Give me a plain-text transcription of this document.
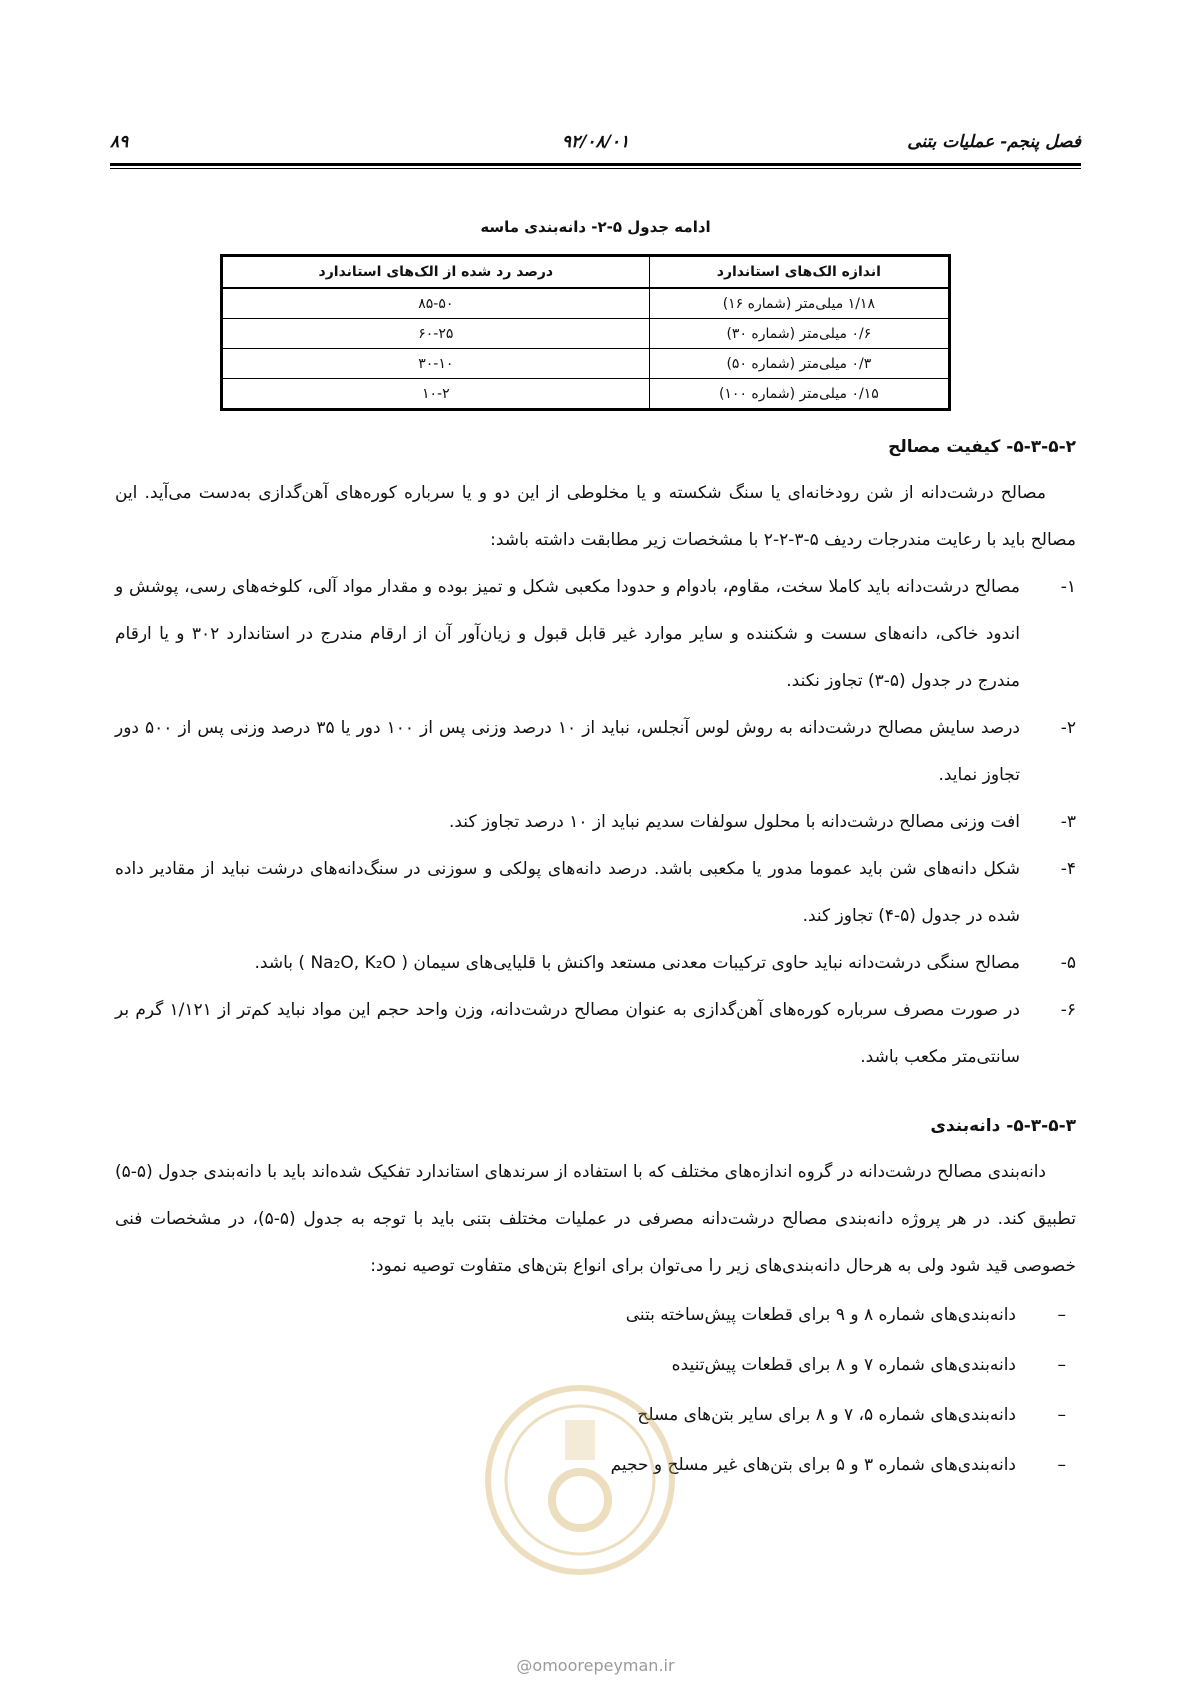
فصل پنجم- عملیات بتنی
۹۲/۰۸/۰۱
۸۹
ادامه جدول ۵-۲- دانه‌بندی ماسه
اندازه الک‌های استاندارد	درصد رد شده از الک‌های استاندارد
۱/۱۸ میلی‌متر (شماره ۱۶)	۸۵-۵۰
۰/۶ میلی‌متر (شماره ۳۰)	۶۰-۲۵
۰/۳ میلی‌متر (شماره ۵۰)	۳۰-۱۰
۰/۱۵ میلی‌متر (شماره ۱۰۰)	۱۰-۲
۵-۳-۵-۲- کیفیت مصالح

مصالح درشت‌دانه از شن رودخانه‌ای یا سنگ شکسته و یا مخلوطی از این دو و یا سرباره کوره‌های آهن‌گدازی به‌دست می‌آید. این مصالح باید با رعایت مندرجات ردیف ۵-۳-۲-۲ با مشخصات زیر مطابقت داشته باشد:

۱-
مصالح درشت‌دانه باید کاملا سخت، مقاوم، بادوام و حدودا مکعبی شکل و تمیز بوده و مقدار مواد آلی، کلوخه‌های رسی، پوشش و اندود خاکی، دانه‌های سست و شکننده و سایر موارد غیر قابل قبول و زیان‌آور آن از ارقام مندرج در استاندارد ۳۰۲ و یا ارقام مندرج در جدول (۵-۳) تجاوز نکند.
۲-
درصد سایش مصالح درشت‌دانه به روش لوس آنجلس، نباید از ۱۰ درصد وزنی پس از ۱۰۰ دور یا ۳۵ درصد وزنی پس از ۵۰۰ دور تجاوز نماید.
۳-
افت وزنی مصالح درشت‌دانه با محلول سولفات سدیم نباید از ۱۰ درصد تجاوز کند.
۴-
شکل دانه‌های شن باید عموما مدور یا مکعبی باشد. درصد دانه‌های پولکی و سوزنی در سنگ‌دانه‌های درشت نباید از مقادیر داده شده در جدول (۵-۴) تجاوز کند.
۵-
مصالح سنگی درشت‌دانه نباید حاوی ترکیبات معدنی مستعد واکنش با قلیایی‌های سیمان ( Na₂O, K₂O ) باشد.
۶-
در صورت مصرف سرباره کوره‌های آهن‌گدازی به عنوان مصالح درشت‌دانه، وزن واحد حجم این مواد نباید کم‌تر از ۱/۱۲۱ گرم بر سانتی‌متر مکعب باشد.
۵-۳-۵-۳- دانه‌بندی

دانه‌بندی مصالح درشت‌دانه در گروه اندازه‌های مختلف که با استفاده از سرندهای استاندارد تفکیک شده‌اند باید با دانه‌بندی جدول (۵-۵) تطبیق کند. در هر پروژه دانه‌بندی مصالح درشت‌دانه مصرفی در عملیات مختلف بتنی باید با توجه به جدول (۵-۵)، در مشخصات فنی خصوصی قید شود ولی به هرحال دانه‌بندی‌های زیر را می‌توان برای انواع بتن‌های متفاوت توصیه نمود:

–
دانه‌بندی‌های شماره ۸ و ۹ برای قطعات پیش‌ساخته بتنی
–
دانه‌بندی‌های شماره ۷ و ۸ برای قطعات پیش‌تنیده
–
دانه‌بندی‌های شماره ۵، ۷ و ۸ برای سایر بتن‌های مسلح
–
دانه‌بندی‌های شماره ۳ و ۵ برای بتن‌های غیر مسلح و حجیم
@omoorepeyman.ir
